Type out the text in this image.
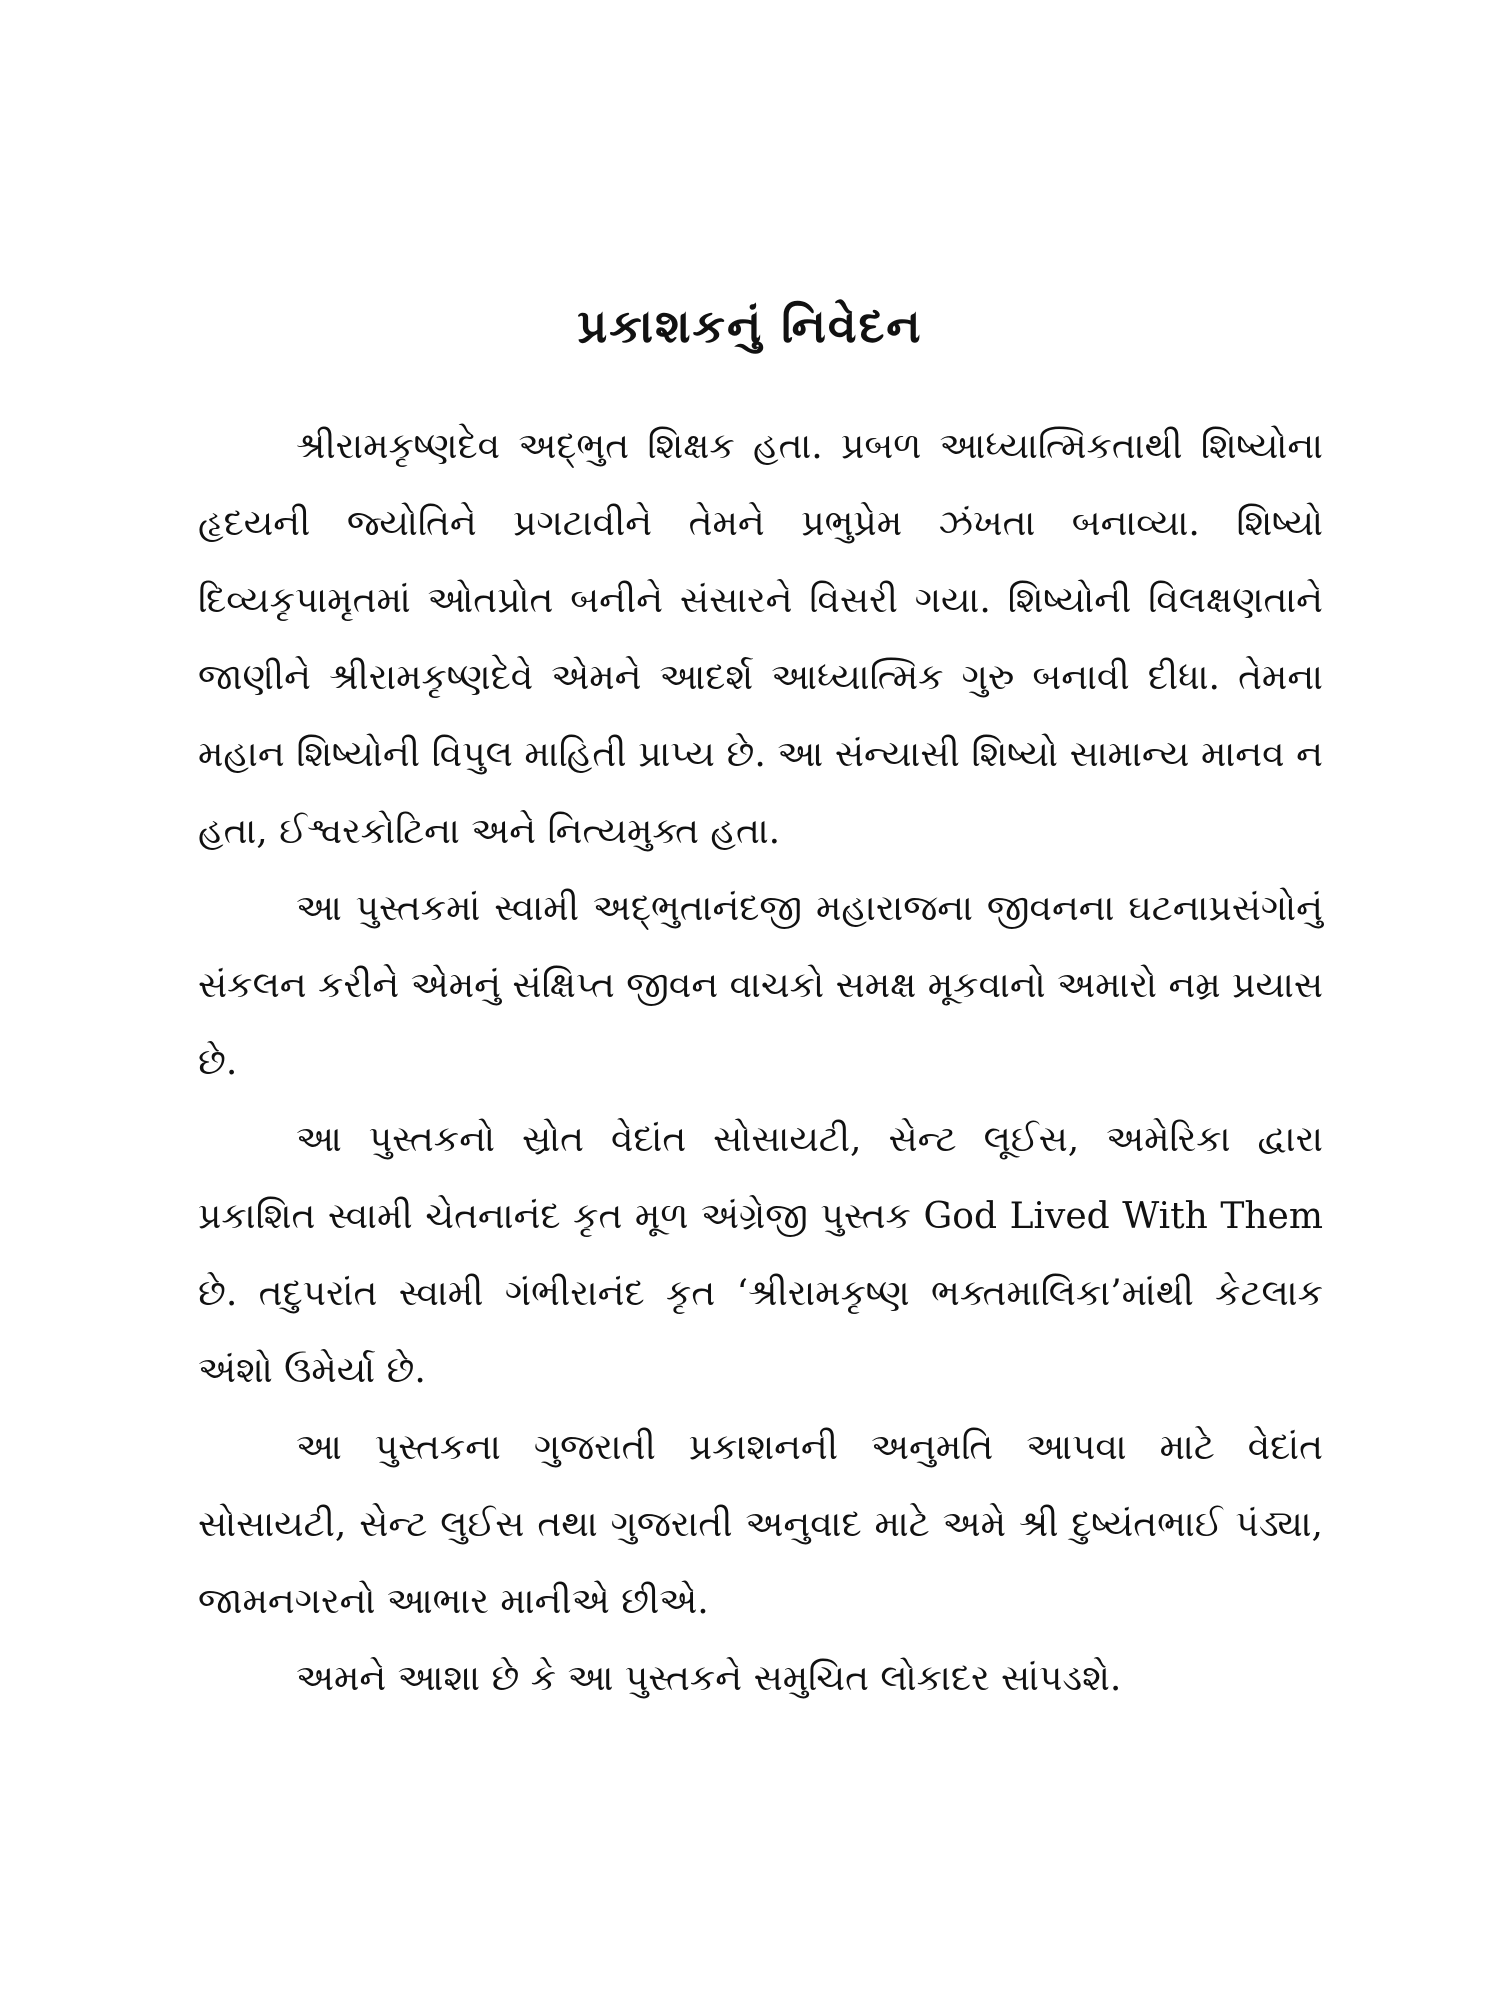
પ્રકાશકનું નિવેદન

શ્રીરામકૃષ્ણદેવ અદ્‌ભુત શિક્ષક હતા. પ્રબળ આધ્યાત્મિકતાથી શિષ્યોના હૃદયની જ્યોતિને પ્રગટાવીને તેમને પ્રભુપ્રેમ ઝંખતા બનાવ્યા. શિષ્યો દિવ્યકૃપામૃતમાં ઓતપ્રોત બનીને સંસારને વિસરી ગયા. શિષ્યોની વિલક્ષણતાને જાણીને શ્રીરામકૃષ્ણદેવે એમને આદર્શ આધ્યાત્મિક ગુરુ બનાવી દીધા. તેમના મહાન શિષ્યોની વિપુલ માહિતી પ્રાપ્ય છે. આ સંન્યાસી શિષ્યો સામાન્ય માનવ ન હતા, ઈશ્વરકોટિના અને નિત્યમુક્ત હતા.

આ પુસ્તકમાં સ્વામી અદ્‌ભુતાનંદજી મહારાજના જીવનના ઘટનાપ્રસંગોનું સંકલન કરીને એમનું સંક્ષિપ્ત જીવન વાચકો સમક્ષ મૂકવાનો અમારો નમ્ર પ્રયાસ છે.

આ પુસ્તકનો સ્રોત વેદાંત સોસાયટી, સેન્ટ લૂઈસ, અમેરિકા દ્વારા પ્રકાશિત સ્વામી ચેતનાનંદ કૃત મૂળ અંગ્રેજી પુસ્તક God Lived With Them છે. તદુપરાંત સ્વામી ગંભીરાનંદ કૃત ‘શ્રીરામકૃષ્ણ ભક્તમાલિકા’માંથી કેટલાક અંશો ઉમેર્યા છે.

આ પુસ્તકના ગુજરાતી પ્રકાશનની અનુમતિ આપવા માટે વેદાંત સોસાયટી, સેન્ટ લુઈસ તથા ગુજરાતી અનુવાદ માટે અમે શ્રી દુષ્યંતભાઈ પંડ્યા, જામનગરનો આભાર માનીએ છીએ.

અમને આશા છે કે આ પુસ્તકને સમુચિત લોકાદર સાંપડશે.
